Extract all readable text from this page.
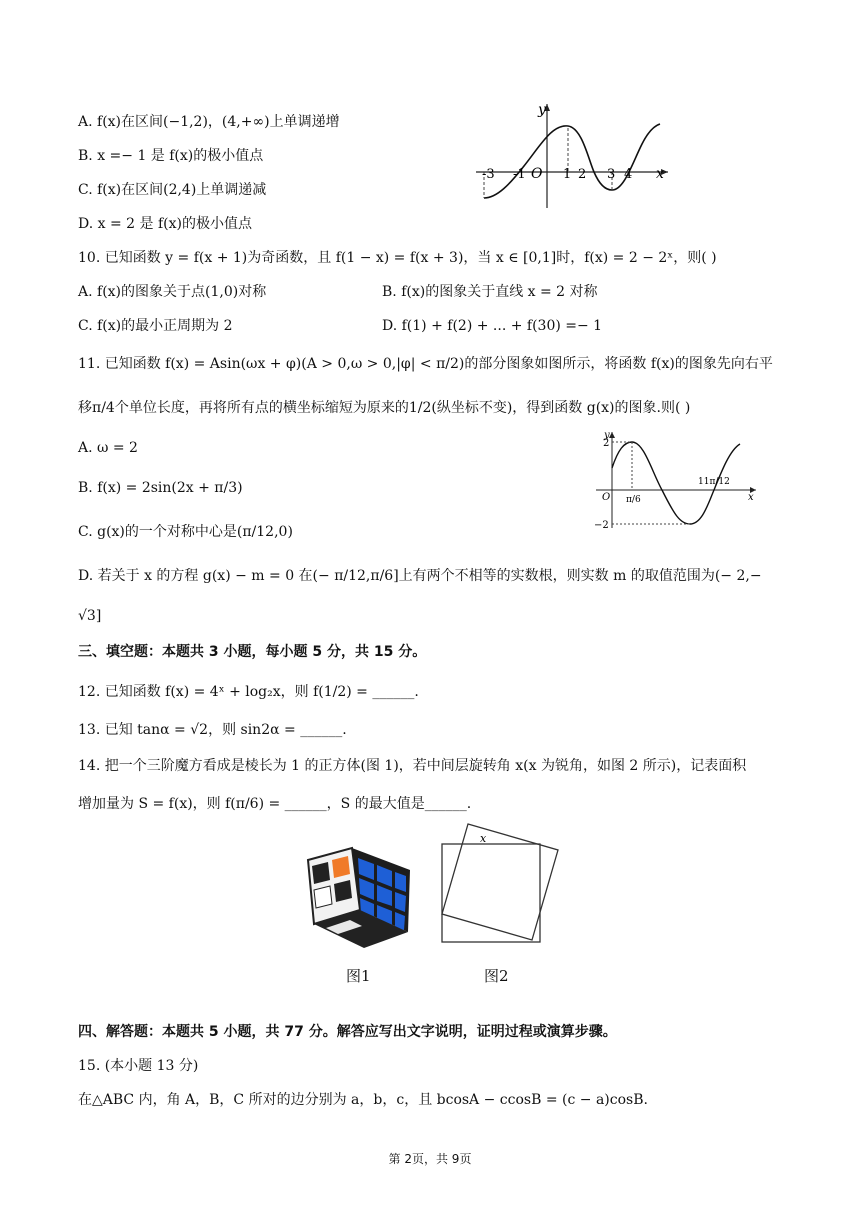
A. f(x)在区间(−1,2)，(4,+∞)上单调递增
B. x =− 1 是 f(x)的极小值点
C. f(x)在区间(2,4)上单调递减
D. x = 2 是 f(x)的极小值点
y
x
O
-3 -1	1 2 3 4
10. 已知函数 y = f(x + 1)为奇函数，且 f(1 − x) = f(x + 3)，当 x ∈ [0,1]时，f(x) = 2 − 2ˣ，则( )
A. f(x)的图象关于点(1,0)对称	B. f(x)的图象关于直线 x = 2 对称
C. f(x)的最小正周期为 2	D. f(1) + f(2) + ... + f(30) =− 1
11. 已知函数 f(x) = Asin(ωx + φ)(A > 0,ω > 0,|φ| < π/2)的部分图象如图所示，将函数 f(x)的图象先向右平
移π/4个单位长度，再将所有点的横坐标缩短为原来的1/2(纵坐标不变)，得到函数 g(x)的图象.则( )
A. ω = 2
B. f(x) = 2sin(2x + π/3)
C. g(x)的一个对称中心是(π/12,0)
D. 若关于 x 的方程 g(x) − m = 0 在(− π/12,π/6]上有两个不相等的实数根，则实数 m 的取值范围为(− 2,−
√3]
y
x
O
2
−2
π/6
11π/12
三、填空题：本题共 3 小题，每小题 5 分，共 15 分。
12. 已知函数 f(x) = 4ˣ + log₂x，则 f(1/2) = ______.
13. 已知 tanα = √2，则 sin2α = ______.
14. 把一个三阶魔方看成是棱长为 1 的正方体(图 1)，若中间层旋转角 x(x 为锐角，如图 2 所示)，记表面积
增加量为 S = f(x)，则 f(π/6) = ______，S 的最大值是______.
x
图1	图2
四、解答题：本题共 5 小题，共 77 分。解答应写出文字说明，证明过程或演算步骤。
15. (本小题 13 分)
在△ABC 内，角 A，B，C 所对的边分别为 a，b，c，且 bcosA − ccosB = (c − a)cosB.
第 2页，共 9页
